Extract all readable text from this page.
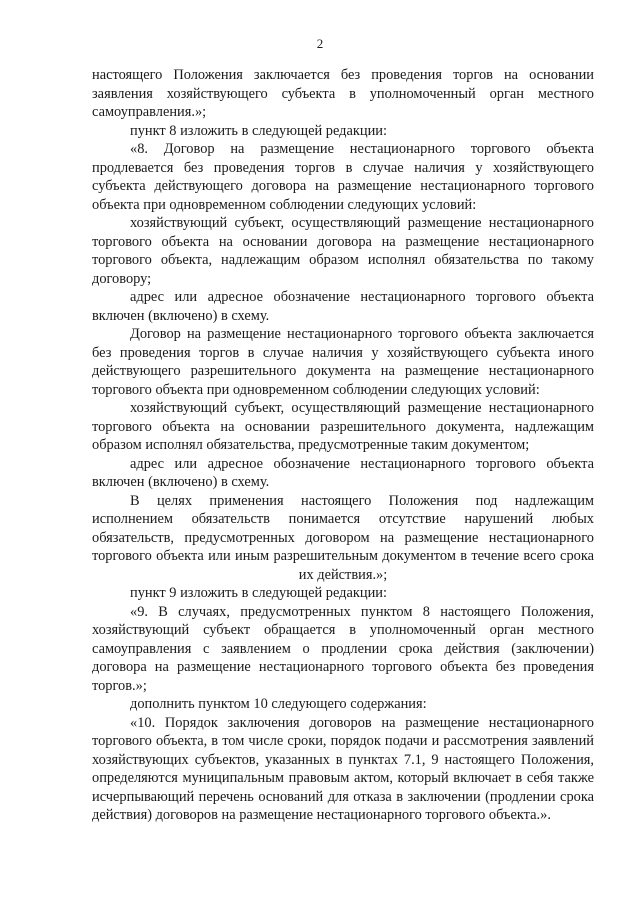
2

настоящего Положения заключается без проведения торгов на основании заявления хозяйствующего субъекта в уполномоченный орган местного самоуправления.»;

пункт 8 изложить в следующей редакции:

«8. Договор на размещение нестационарного торгового объекта продлевается без проведения торгов в случае наличия у хозяйствующего субъекта действующего договора на размещение нестационарного торгового объекта при одновременном соблюдении следующих условий:

хозяйствующий субъект, осуществляющий размещение нестационарного торгового объекта на основании договора на размещение нестационарного торгового объекта, надлежащим образом исполнял обязательства по такому договору;

адрес или адресное обозначение нестационарного торгового объекта включен (включено) в схему.

Договор на размещение нестационарного торгового объекта заключается без проведения торгов в случае наличия у хозяйствующего субъекта иного действующего разрешительного документа на размещение нестационарного торгового объекта при одновременном соблюдении следующих условий:

хозяйствующий субъект, осуществляющий размещение нестационарного торгового объекта на основании разрешительного документа, надлежащим образом исполнял обязательства, предусмотренные таким документом;

адрес или адресное обозначение нестационарного торгового объекта включен (включено) в схему.

В целях применения настоящего Положения под надлежащим исполнением обязательств понимается отсутствие нарушений любых обязательств, предусмотренных договором на размещение нестационарного торгового объекта или иным разрешительным документом в течение всего срока их действия.»;

пункт 9 изложить в следующей редакции:

«9. В случаях, предусмотренных пунктом 8 настоящего Положения, хозяйствующий субъект обращается в уполномоченный орган местного самоуправления с заявлением о продлении срока действия (заключении) договора на размещение нестационарного торгового объекта без проведения торгов.»;

дополнить пунктом 10 следующего содержания:

«10. Порядок заключения договоров на размещение нестационарного торгового объекта, в том числе сроки, порядок подачи и рассмотрения заявлений хозяйствующих субъектов, указанных в пунктах 7.1, 9 настоящего Положения, определяются муниципальным правовым актом, который включает в себя также исчерпывающий перечень оснований для отказа в заключении (продлении срока действия) договоров на размещение нестационарного торгового объекта.».
